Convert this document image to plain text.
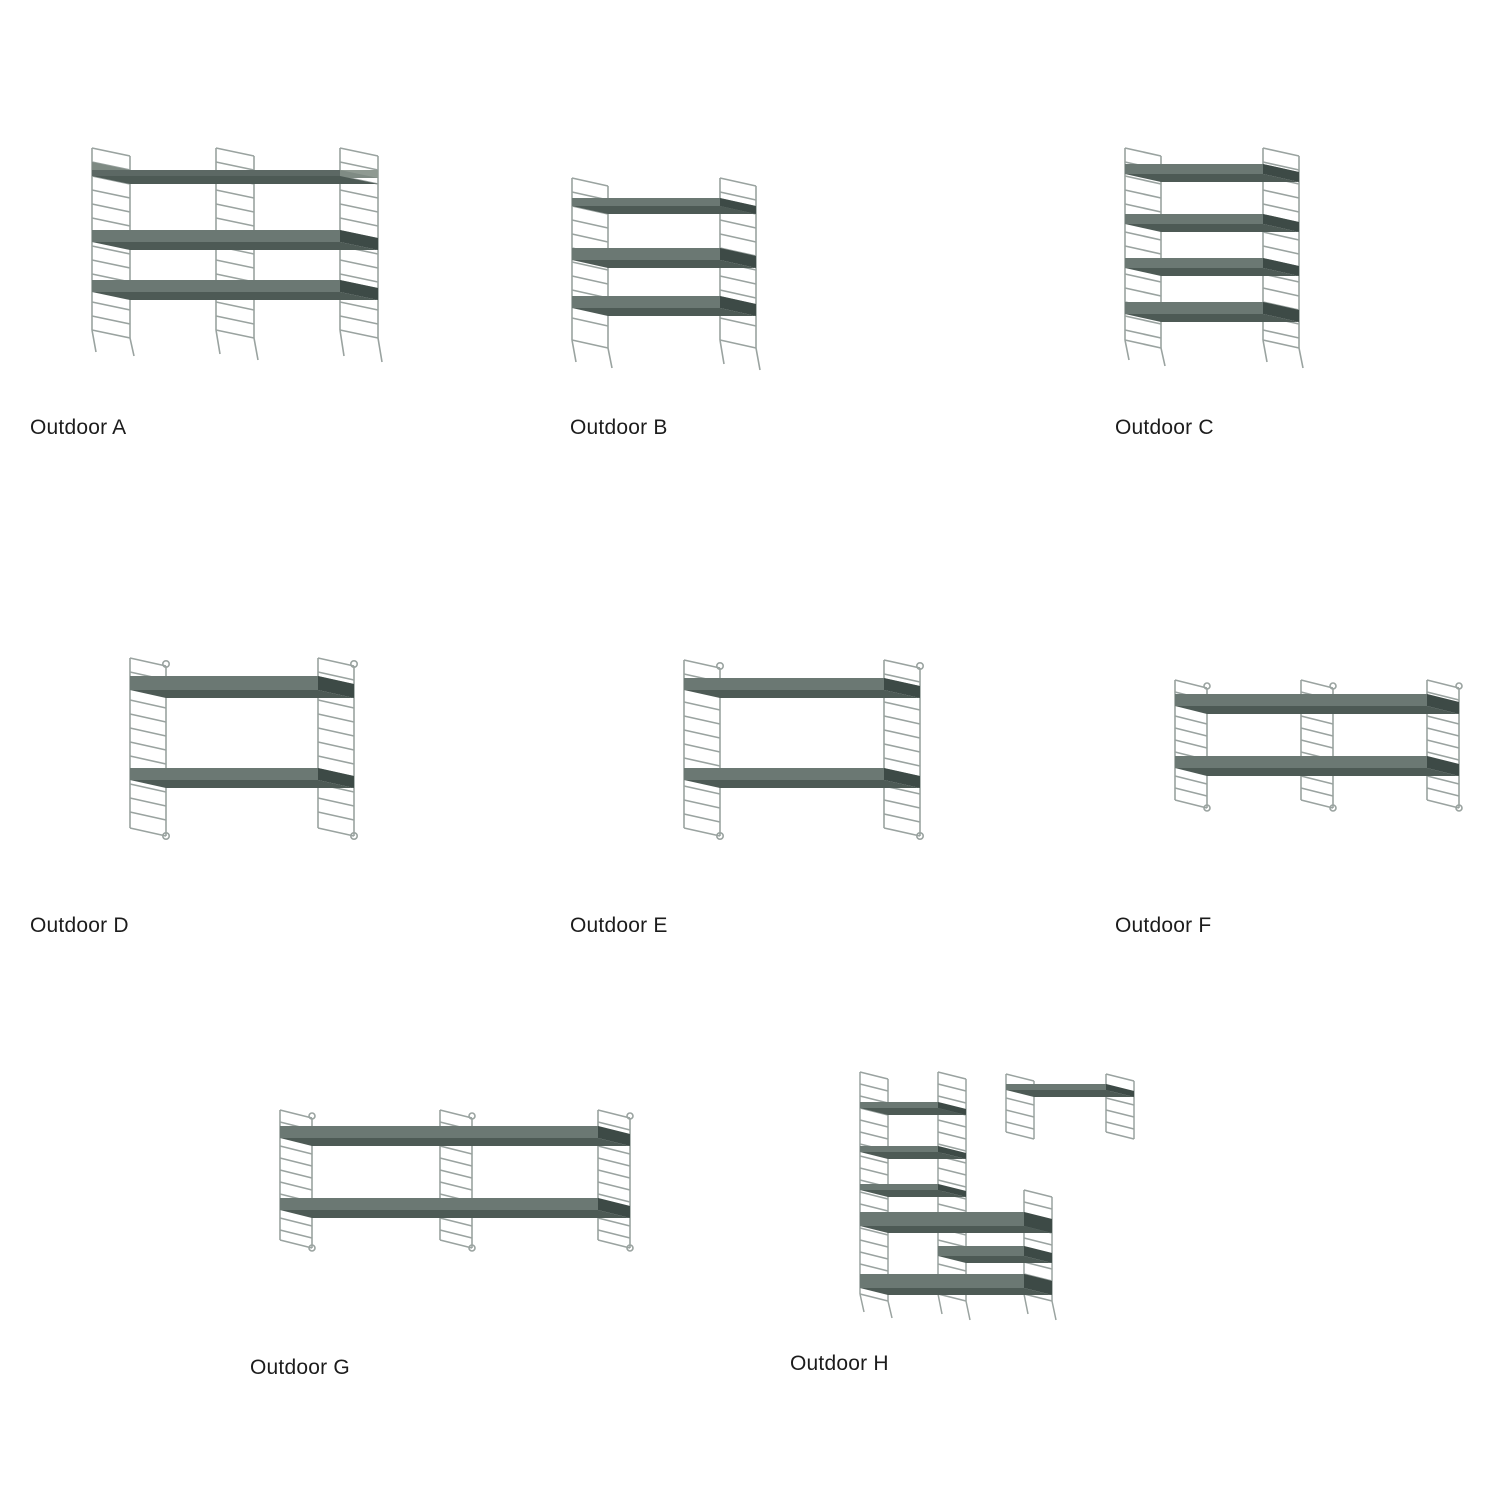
Outdoor A	Outdoor B	Outdoor C
Outdoor D	Outdoor E	Outdoor F
Outdoor G	Outdoor H
